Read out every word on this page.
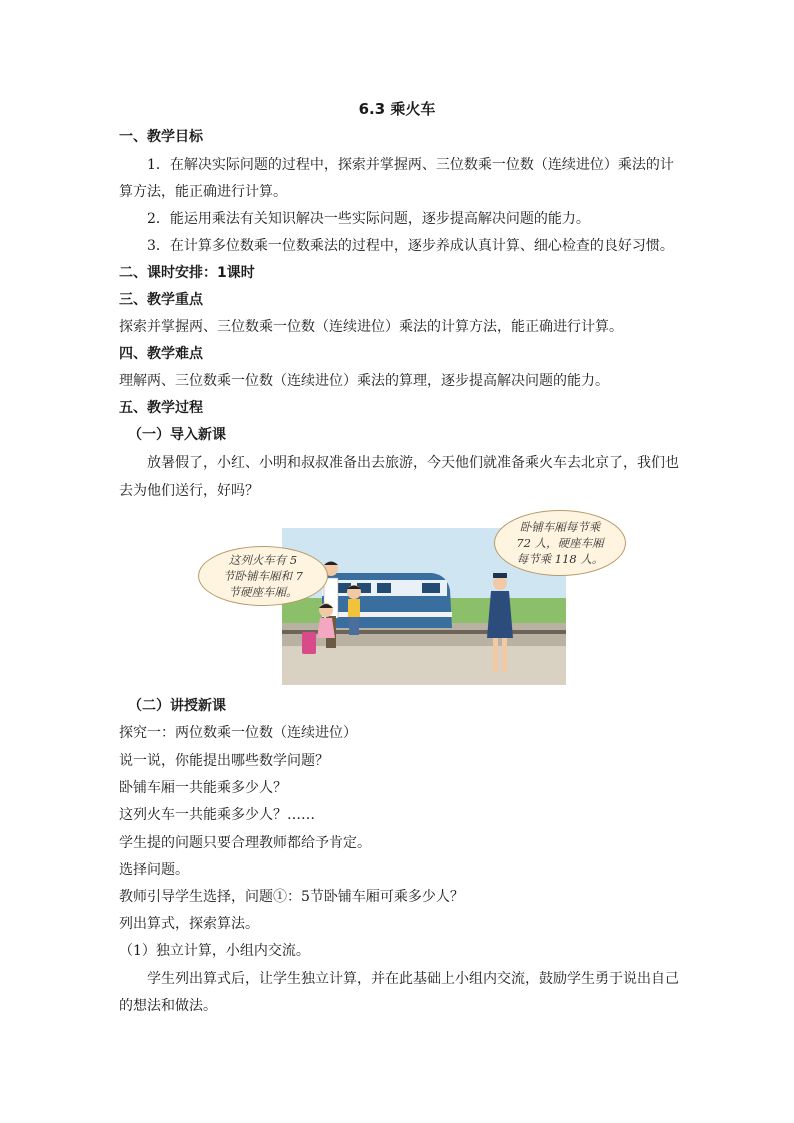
6.3 乘火车
一、教学目标
1．在解决实际问题的过程中，探索并掌握两、三位数乘一位数（连续进位）乘法的计
算方法，能正确进行计算。
2．能运用乘法有关知识解决一些实际问题，逐步提高解决问题的能力。
3．在计算多位数乘一位数乘法的过程中，逐步养成认真计算、细心检查的良好习惯。
二、课时安排：1课时
三、教学重点
探索并掌握两、三位数乘一位数（连续进位）乘法的计算方法，能正确进行计算。
四、教学难点
理解两、三位数乘一位数（连续进位）乘法的算理，逐步提高解决问题的能力。
五、教学过程
（一）导入新课
放暑假了，小红、小明和叔叔准备出去旅游，今天他们就准备乘火车去北京了，我们也
去为他们送行，好吗？
这列火车有 5
节卧铺车厢和 7
节硬座车厢。
卧铺车厢每节乘
72 人，硬座车厢
每节乘 118 人。
（二）讲授新课
探究一：两位数乘一位数（连续进位）
说一说，你能提出哪些数学问题？
卧铺车厢一共能乘多少人？
这列火车一共能乘多少人？……
学生提的问题只要合理教师都给予肯定。
选择问题。
教师引导学生选择，问题①：5节卧铺车厢可乘多少人？
列出算式，探索算法。
（1）独立计算，小组内交流。
学生列出算式后，让学生独立计算，并在此基础上小组内交流，鼓励学生勇于说出自己
的想法和做法。
